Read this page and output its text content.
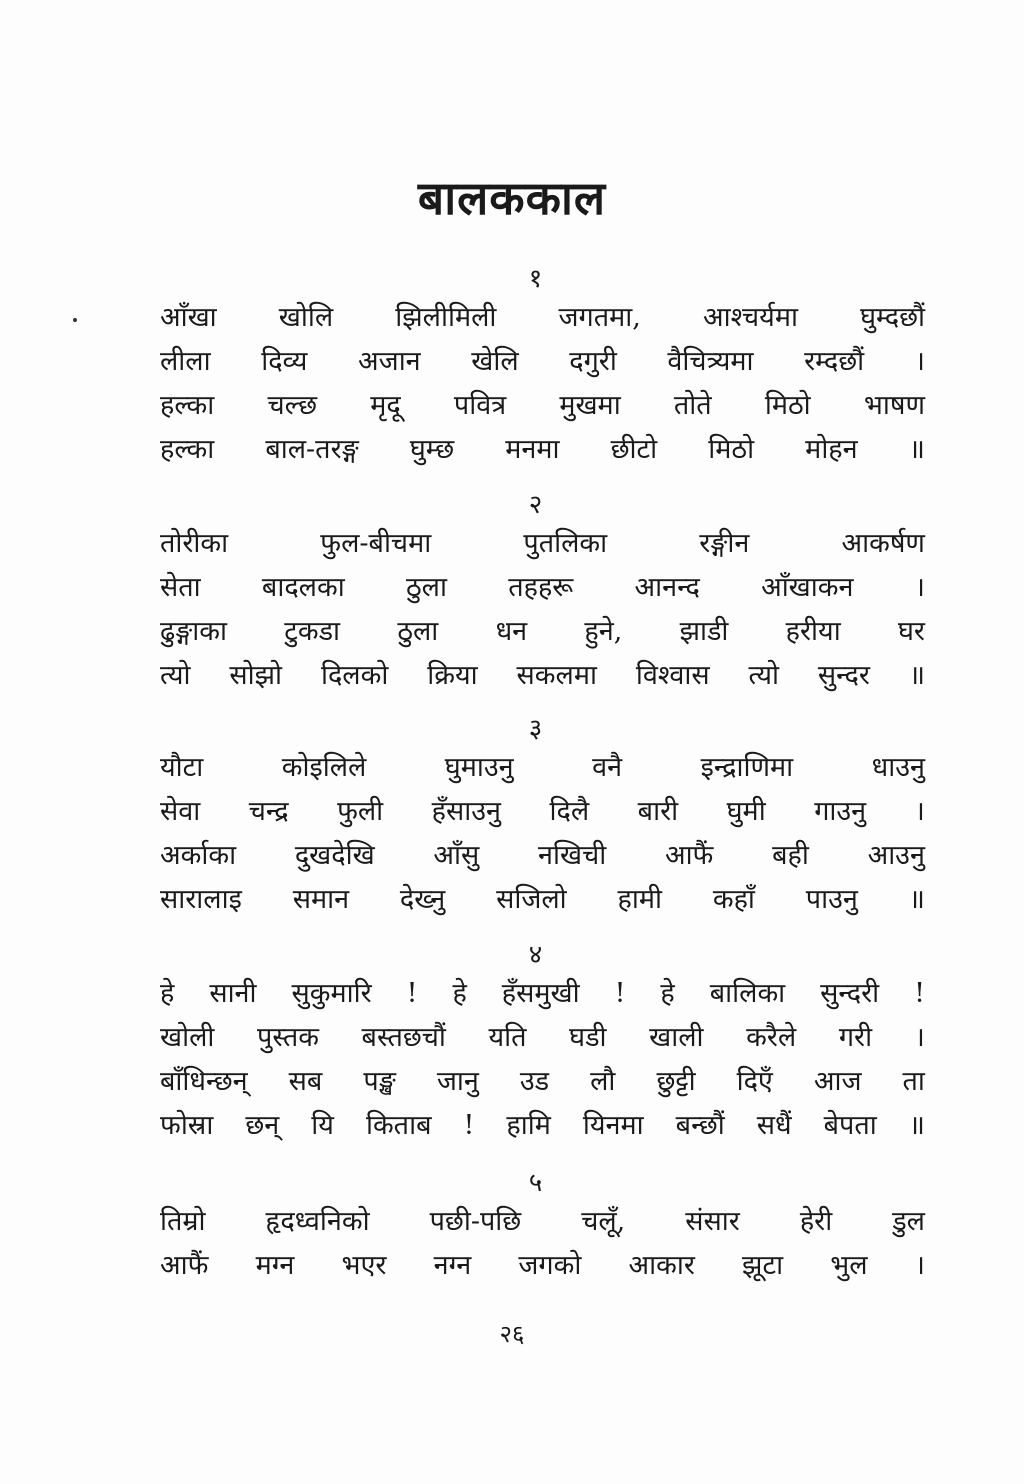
बालककाल
१
आँखा खोलि झिलीमिली जगतमा, आश्चर्यमा घुम्दछौं
लीला दिव्य अजान खेलि दगुरी वैचित्र्यमा रम्दछौं ।
हल्का चल्छ मृदू पवित्र मुखमा तोते मिठो भाषण
हल्का बाल-तरङ्ग घुम्छ मनमा छीटो मिठो मोहन ॥
२
तोरीका	फुल-बीचमा	पुतलिका	रङ्गीन	आकर्षण
सेता बादलका ठुला तहहरू आनन्द आँखाकन ।
ढुङ्गाका टुकडा ठुला धन हुने, झाडी हरीया घर
त्यो सोझो दिलको क्रिया सकलमा विश्वास त्यो सुन्दर ॥
३
यौटा	कोइलिले	घुमाउनु	वनै	इन्द्राणिमा	धाउनु
सेवा चन्द्र फुली हँसाउनु दिलै बारी घुमी गाउनु ।
अर्काका दुखदेखि आँसु नखिची आफैं बही आउनु
सारालाइ समान देख्नु सजिलो हामी कहाँ पाउनु ॥
४
हे सानी सुकुमारि ! हे हँसमुखी ! हे बालिका सुन्दरी !
खोली पुस्तक बस्तछचौं यति घडी खाली करैले गरी ।
बाँधिन्छन् सब पङ्ख जानु उड लौ छुट्टी दिएँ आज ता
फोस्रा छन् यि किताब ! हामि यिनमा बन्छौं सधैं बेपता ॥
५
तिम्रो हृदध्वनिको पछी-पछि चलूँ, संसार हेरी डुल
आफैं मग्न भएर नग्न जगको आकार झूटा भुल ।
२६
